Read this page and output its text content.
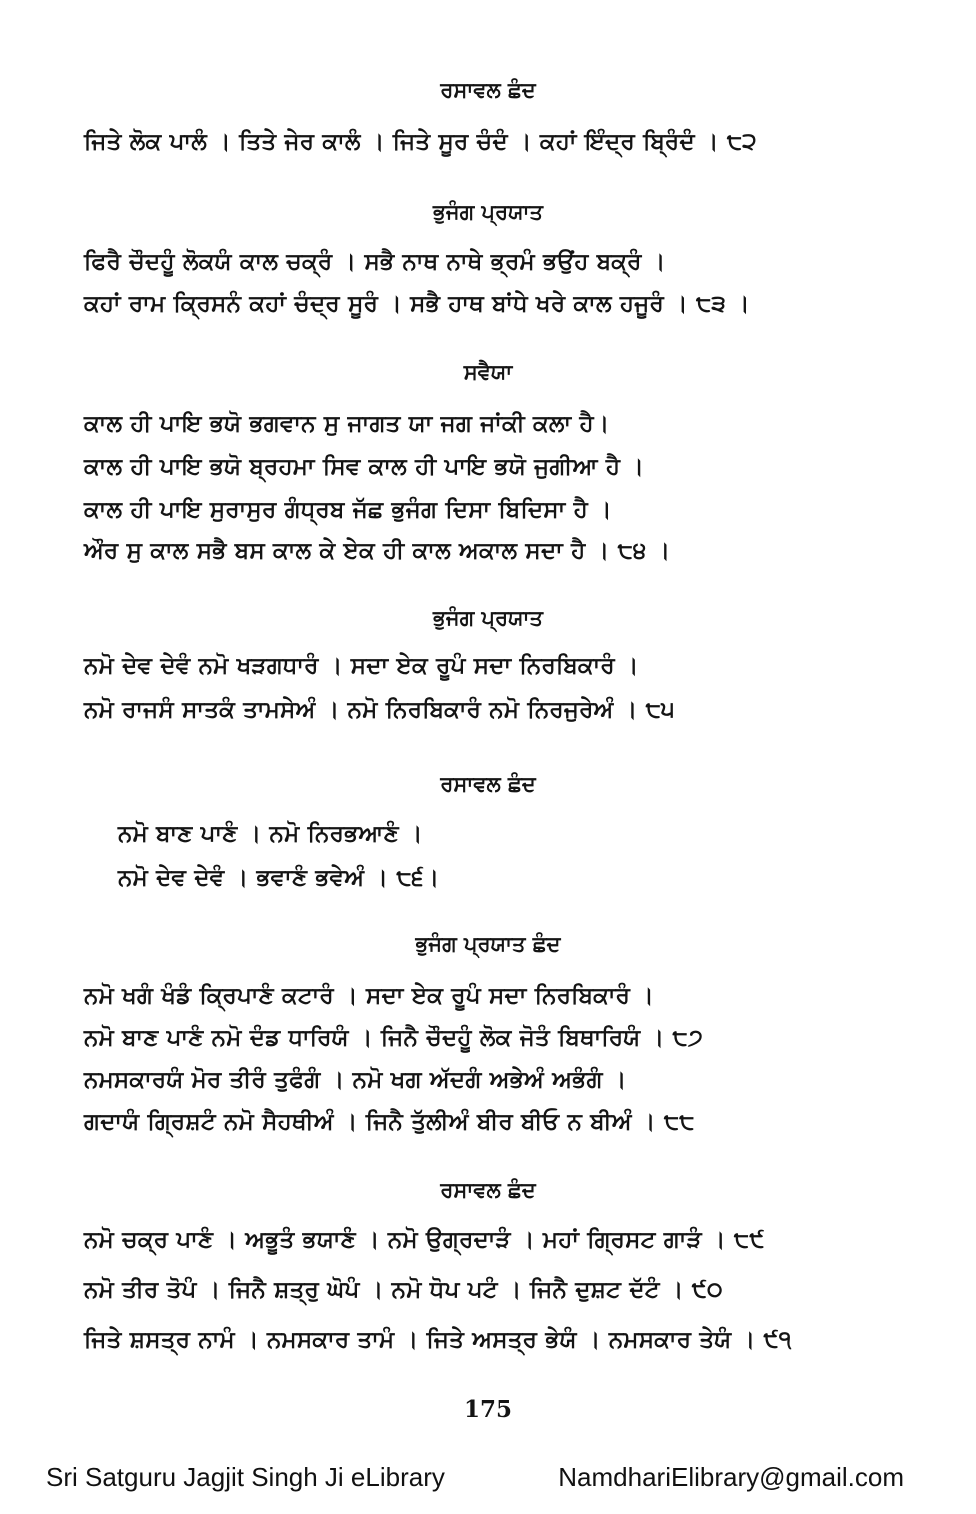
ਰਸਾਵਲ ਛੰਦ
ਜਿਤੇ ਲੋਕ ਪਾਲੰ । ਤਿਤੇ ਜੇਰ ਕਾਲੰ । ਜਿਤੇ ਸੂਰ ਚੰਦੰ । ਕਹਾਂ ਇੰਦ੍ਰ ਬ੍ਰਿੰਦੰ । ੮੨
ਭੁਜੰਗ ਪ੍ਰਯਾਤ
ਫਿਰੈ ਚੌਦਹੂੰ ਲੋਕਯੰ ਕਾਲ ਚਕ੍ਰੰ । ਸਭੈ ਨਾਥ ਨਾਥੇ ਭ੍ਰਮੰ ਭਉਂਹ ਬਕ੍ਰੰ ।
ਕਹਾਂ ਰਾਮ ਕ੍ਰਿਸਨੰ ਕਹਾਂ ਚੰਦ੍ਰ ਸੂਰੰ । ਸਭੈ ਹਾਥ ਬਾਂਧੇ ਖਰੇ ਕਾਲ ਹਜੂਰੰ । ੮੩ ।
ਸਵੈਯਾ
ਕਾਲ ਹੀ ਪਾਇ ਭਯੋ ਭਗਵਾਨ ਸੁ ਜਾਗਤ ਯਾ ਜਗ ਜਾਂਕੀ ਕਲਾ ਹੈ।
ਕਾਲ ਹੀ ਪਾਇ ਭਯੋ ਬ੍ਰਹਮਾ ਸਿਵ ਕਾਲ ਹੀ ਪਾਇ ਭਯੋ ਜੁਗੀਆ ਹੈ ।
ਕਾਲ ਹੀ ਪਾਇ ਸੁਰਾਸੁਰ ਗੰਧ੍ਰਬ ਜੱਛ ਭੁਜੰਗ ਦਿਸਾ ਬਿਦਿਸਾ ਹੈ ।
ਔਰ ਸੁ ਕਾਲ ਸਭੈ ਬਸ ਕਾਲ ਕੇ ਏਕ ਹੀ ਕਾਲ ਅਕਾਲ ਸਦਾ ਹੈ । ੮੪ ।
ਭੁਜੰਗ ਪ੍ਰਯਾਤ
ਨਮੋ ਦੇਵ ਦੇਵੰ ਨਮੋ ਖੜਗਧਾਰੰ । ਸਦਾ ਏਕ ਰੂਪੰ ਸਦਾ ਨਿਰਬਿਕਾਰੰ ।
ਨਮੋ ਰਾਜਸੰ ਸਾਤਕੰ ਤਾਮਸੇਅੰ । ਨਮੋ ਨਿਰਬਿਕਾਰੰ ਨਮੋ ਨਿਰਜੁਰੇਅੰ । ੮੫
ਰਸਾਵਲ ਛੰਦ
ਨਮੋ ਬਾਣ ਪਾਣੰ । ਨਮੋ ਨਿਰਭਆਣੰ ।
ਨਮੋ ਦੇਵ ਦੇਵੰ । ਭਵਾਣੰ ਭਵੇਅੰ । ੮੬।
ਭੁਜੰਗ ਪ੍ਰਯਾਤ ਛੰਦ
ਨਮੋ ਖਗੰ ਖੰਡੰ ਕ੍ਰਿਪਾਣੰ ਕਟਾਰੰ । ਸਦਾ ਏਕ ਰੂਪੰ ਸਦਾ ਨਿਰਬਿਕਾਰੰ ।
ਨਮੋ ਬਾਣ ਪਾਣੰ ਨਮੋ ਦੰਡ ਧਾਰਿਯੰ । ਜਿਨੈ ਚੌਦਹੂੰ ਲੋਕ ਜੋਤੰ ਬਿਥਾਰਿਯੰ । ੮੭
ਨਮਸਕਾਰਯੰ ਮੋਰ ਤੀਰੰ ਤੁਫੰਗੰ । ਨਮੋ ਖਗ ਅੱਦਗੰ ਅਭੇਅੰ ਅਭੰਗੰ ।
ਗਦਾਯੰ ਗ੍ਰਿਸ਼ਟੰ ਨਮੋ ਸੈਹਥੀਅੰ । ਜਿਨੈ ਤੁੱਲੀਅੰ ਬੀਰ ਬੀਓ ਨ ਬੀਅੰ । ੮੮
ਰਸਾਵਲ ਛੰਦ
ਨਮੋ ਚਕ੍ਰ ਪਾਣੰ । ਅਭੂਤੰ ਭਯਾਣੰ । ਨਮੋ ਉਗ੍ਰਦਾੜੰ । ਮਹਾਂ ਗ੍ਰਿਸਟ ਗਾੜੰ । ੮੯
ਨਮੋ ਤੀਰ ਤੋਪੰ । ਜਿਨੈ ਸ਼ਤ੍ਰੁ ਘੋਪੰ । ਨਮੋ ਧੋਪ ਪਟੰ । ਜਿਨੈ ਦੁਸ਼ਟ ਦੱਟੰ । ੯੦
ਜਿਤੇ ਸ਼ਸਤ੍ਰ ਨਾਮੰ । ਨਮਸਕਾਰ ਤਾਮੰ । ਜਿਤੇ ਅਸਤ੍ਰ ਭੇਯੰ । ਨਮਸਕਾਰ ਤੇਯੰ । ੯੧
175
Sri Satguru Jagjit Singh Ji eLibrary	NamdhariElibrary@gmail.com
